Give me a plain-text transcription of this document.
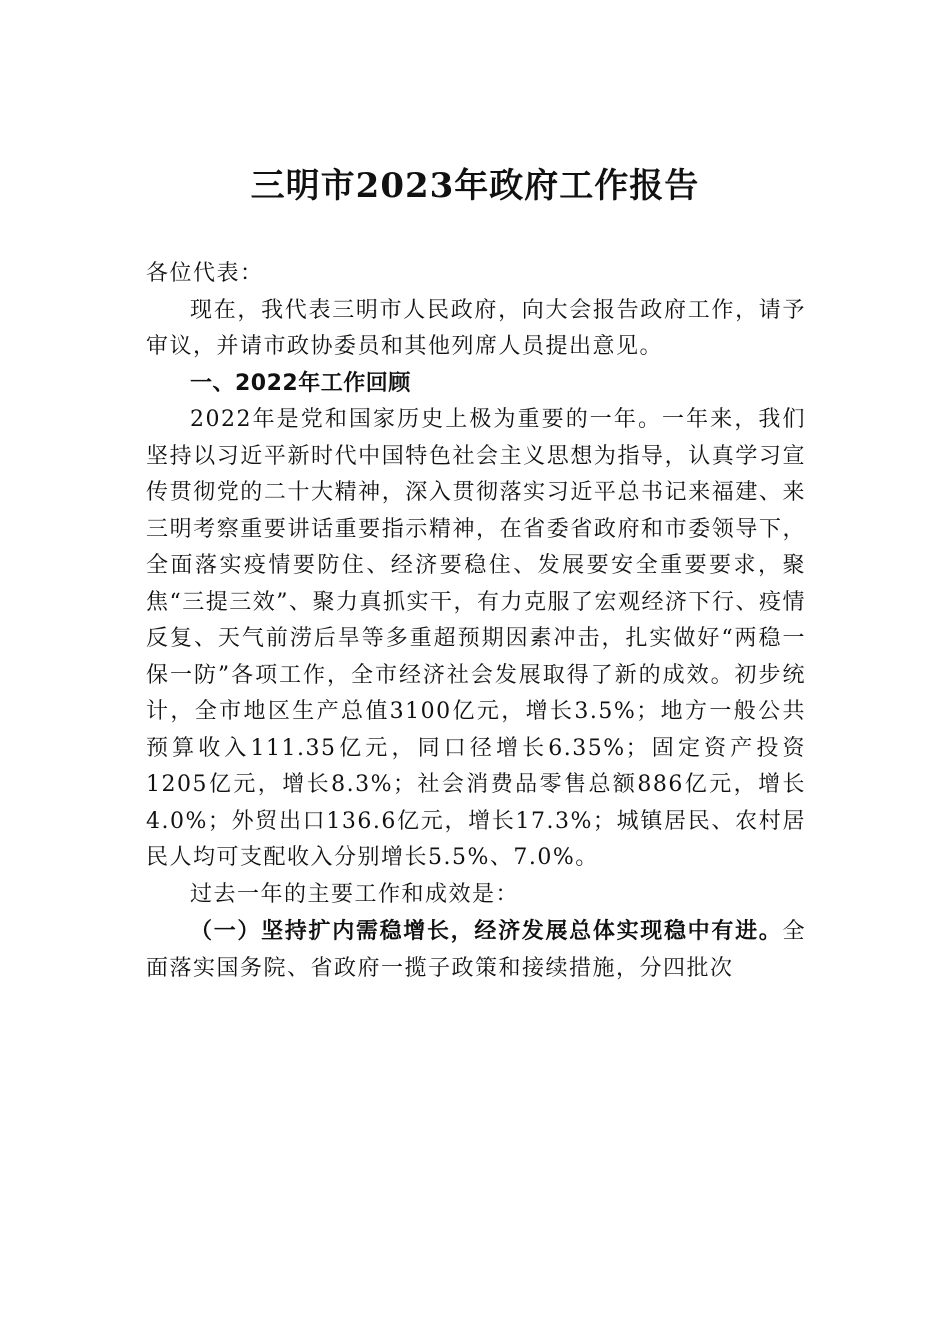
三明市2023年政府工作报告

各位代表：

现在，我代表三明市人民政府，向大会报告政府工作，请予审议，并请市政协委员和其他列席人员提出意见。

一、2022年工作回顾

2022年是党和国家历史上极为重要的一年。一年来，我们坚持以习近平新时代中国特色社会主义思想为指导，认真学习宣传贯彻党的二十大精神，深入贯彻落实习近平总书记来福建、来三明考察重要讲话重要指示精神，在省委省政府和市委领导下，全面落实疫情要防住、经济要稳住、发展要安全重要要求，聚焦“三提三效”、聚力真抓实干，有力克服了宏观经济下行、疫情反复、天气前涝后旱等多重超预期因素冲击，扎实做好“两稳一保一防”各项工作，全市经济社会发展取得了新的成效。初步统计，全市地区生产总值3100亿元，增长3.5%；地方一般公共预算收入111.35亿元，同口径增长6.35%；固定资产投资1205亿元，增长8.3%；社会消费品零售总额886亿元，增长4.0%；外贸出口136.6亿元，增长17.3%；城镇居民、农村居民人均可支配收入分别增长5.5%、7.0%。

过去一年的主要工作和成效是：

（一）坚持扩内需稳增长，经济发展总体实现稳中有进。全面落实国务院、省政府一揽子政策和接续措施，分四批次
